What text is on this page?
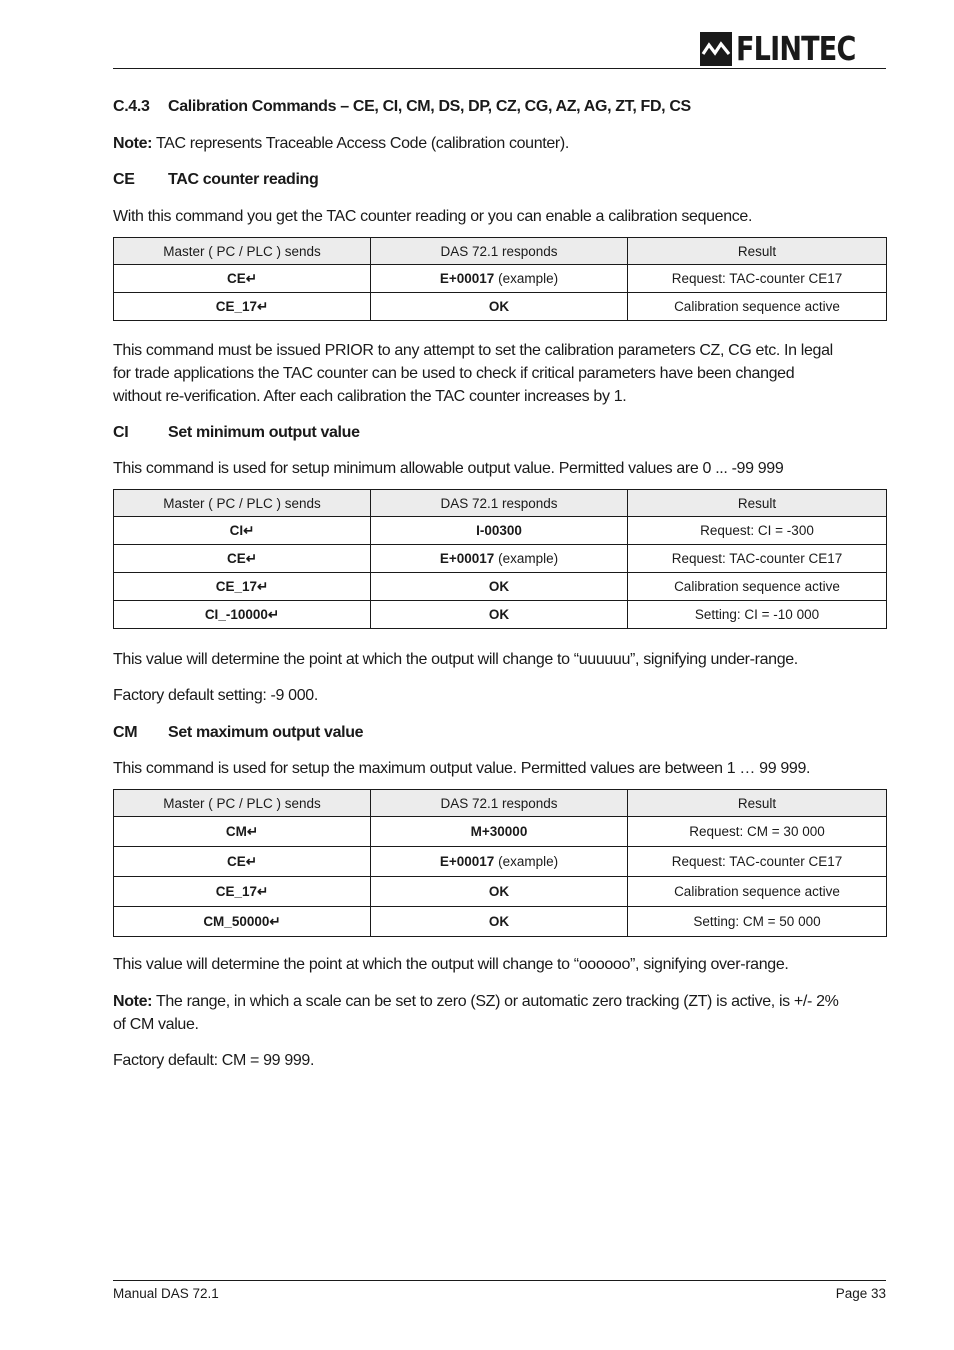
FLINTEC
C.4.3 Calibration Commands – CE, CI, CM, DS, DP, CZ, CG, AZ, AG, ZT, FD, CS
Note: TAC represents Traceable Access Code (calibration counter).
CE TAC counter reading
With this command you get the TAC counter reading or you can enable a calibration sequence.
Master ( PC / PLC ) sends	DAS 72.1 responds	Result
CE↵	E+00017 (example)	Request: TAC-counter CE17
CE_17↵	OK	Calibration sequence active
This command must be issued PRIOR to any attempt to set the calibration parameters CZ, CG etc. In legal
for trade applications the TAC counter can be used to check if critical parameters have been changed
without re-verification. After each calibration the TAC counter increases by 1.
CI Set minimum output value
This command is used for setup minimum allowable output value. Permitted values are 0 ... -99 999
Master ( PC / PLC ) sends	DAS 72.1 responds	Result
CI↵	I-00300	Request: CI = -300
CE↵	E+00017 (example)	Request: TAC-counter CE17
CE_17↵	OK	Calibration sequence active
CI_-10000↵	OK	Setting: CI = -10 000
This value will determine the point at which the output will change to “uuuuuu”, signifying under-range.
Factory default setting: -9 000.
CM Set maximum output value
This command is used for setup the maximum output value. Permitted values are between 1 … 99 999.
Master ( PC / PLC ) sends	DAS 72.1 responds	Result
CM↵	M+30000	Request: CM = 30 000
CE↵	E+00017 (example)	Request: TAC-counter CE17
CE_17↵	OK	Calibration sequence active
CM_50000↵	OK	Setting: CM = 50 000
This value will determine the point at which the output will change to “oooooo”, signifying over-range.
Note: The range, in which a scale can be set to zero (SZ) or automatic zero tracking (ZT) is active, is +/- 2%
of CM value.
Factory default: CM = 99 999.
Manual DAS 72.1	Page 33
